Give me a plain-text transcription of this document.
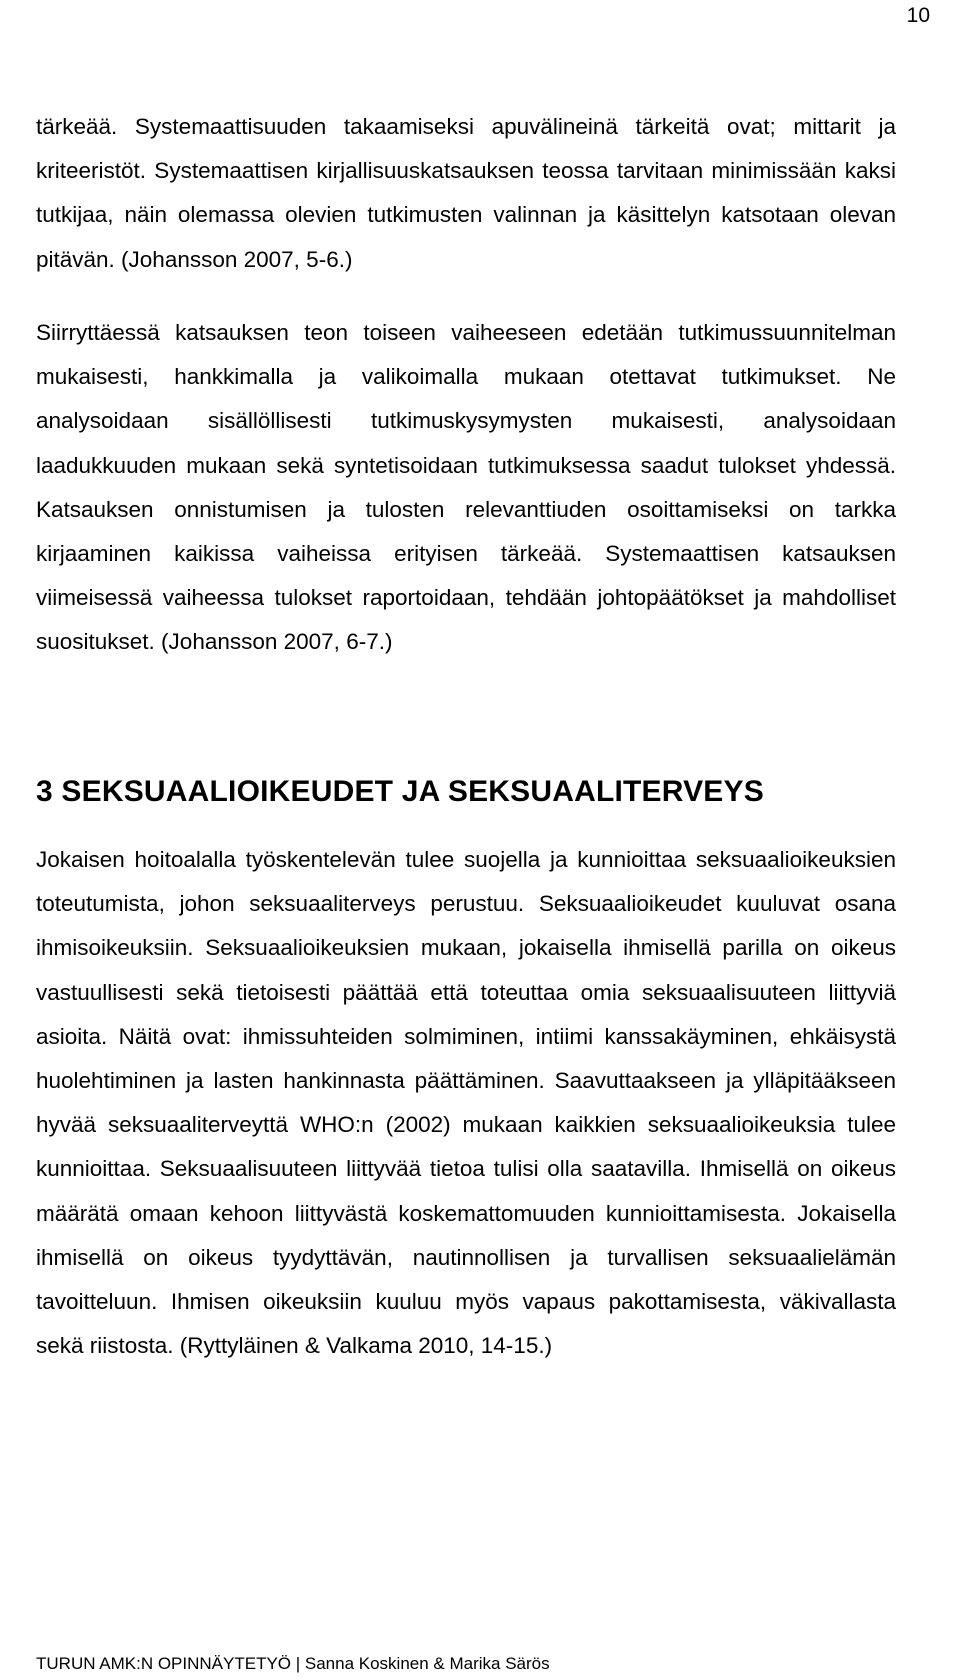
10

tärkeää. Systemaattisuuden takaamiseksi apuvälineinä tärkeitä ovat; mittarit ja kriteeristöt. Systemaattisen kirjallisuuskatsauksen teossa tarvitaan minimissään kaksi tutkijaa, näin olemassa olevien tutkimusten valinnan ja käsittelyn katsotaan olevan pitävän. (Johansson 2007, 5-6.)

Siirryttäessä katsauksen teon toiseen vaiheeseen edetään tutkimussuunnitelman mukaisesti, hankkimalla ja valikoimalla mukaan otettavat tutkimukset. Ne analysoidaan sisällöllisesti tutkimuskysymysten mukaisesti, analysoidaan laadukkuuden mukaan sekä syntetisoidaan tutkimuksessa saadut tulokset yhdessä. Katsauksen onnistumisen ja tulosten relevanttiuden osoittamiseksi on tarkka kirjaaminen kaikissa vaiheissa erityisen tärkeää. Systemaattisen katsauksen viimeisessä vaiheessa tulokset raportoidaan, tehdään johtopäätökset ja mahdolliset suositukset. (Johansson 2007, 6-7.)

3 SEKSUAALIOIKEUDET JA SEKSUAALITERVEYS

Jokaisen hoitoalalla työskentelevän tulee suojella ja kunnioittaa seksuaalioikeuksien toteutumista, johon seksuaaliterveys perustuu. Seksuaalioikeudet kuuluvat osana ihmisoikeuksiin. Seksuaalioikeuksien mukaan, jokaisella ihmisellä parilla on oikeus vastuullisesti sekä tietoisesti päättää että toteuttaa omia seksuaalisuuteen liittyviä asioita. Näitä ovat: ihmissuhteiden solmiminen, intiimi kanssakäyminen, ehkäisystä huolehtiminen ja lasten hankinnasta päättäminen. Saavuttaakseen ja ylläpitääkseen hyvää seksuaaliterveyttä WHO:n (2002) mukaan kaikkien seksuaalioikeuksia tulee kunnioittaa. Seksuaalisuuteen liittyvää tietoa tulisi olla saatavilla. Ihmisellä on oikeus määrätä omaan kehoon liittyvästä koskemattomuuden kunnioittamisesta. Jokaisella ihmisellä on oikeus tyydyttävän, nautinnollisen ja turvallisen seksuaalielämän tavoitteluun. Ihmisen oikeuksiin kuuluu myös vapaus pakottamisesta, väkivallasta sekä riistosta. (Ryttyläinen & Valkama 2010, 14-15.)

TURUN AMK:N OPINNÄYTETYÖ | Sanna Koskinen & Marika Särös
